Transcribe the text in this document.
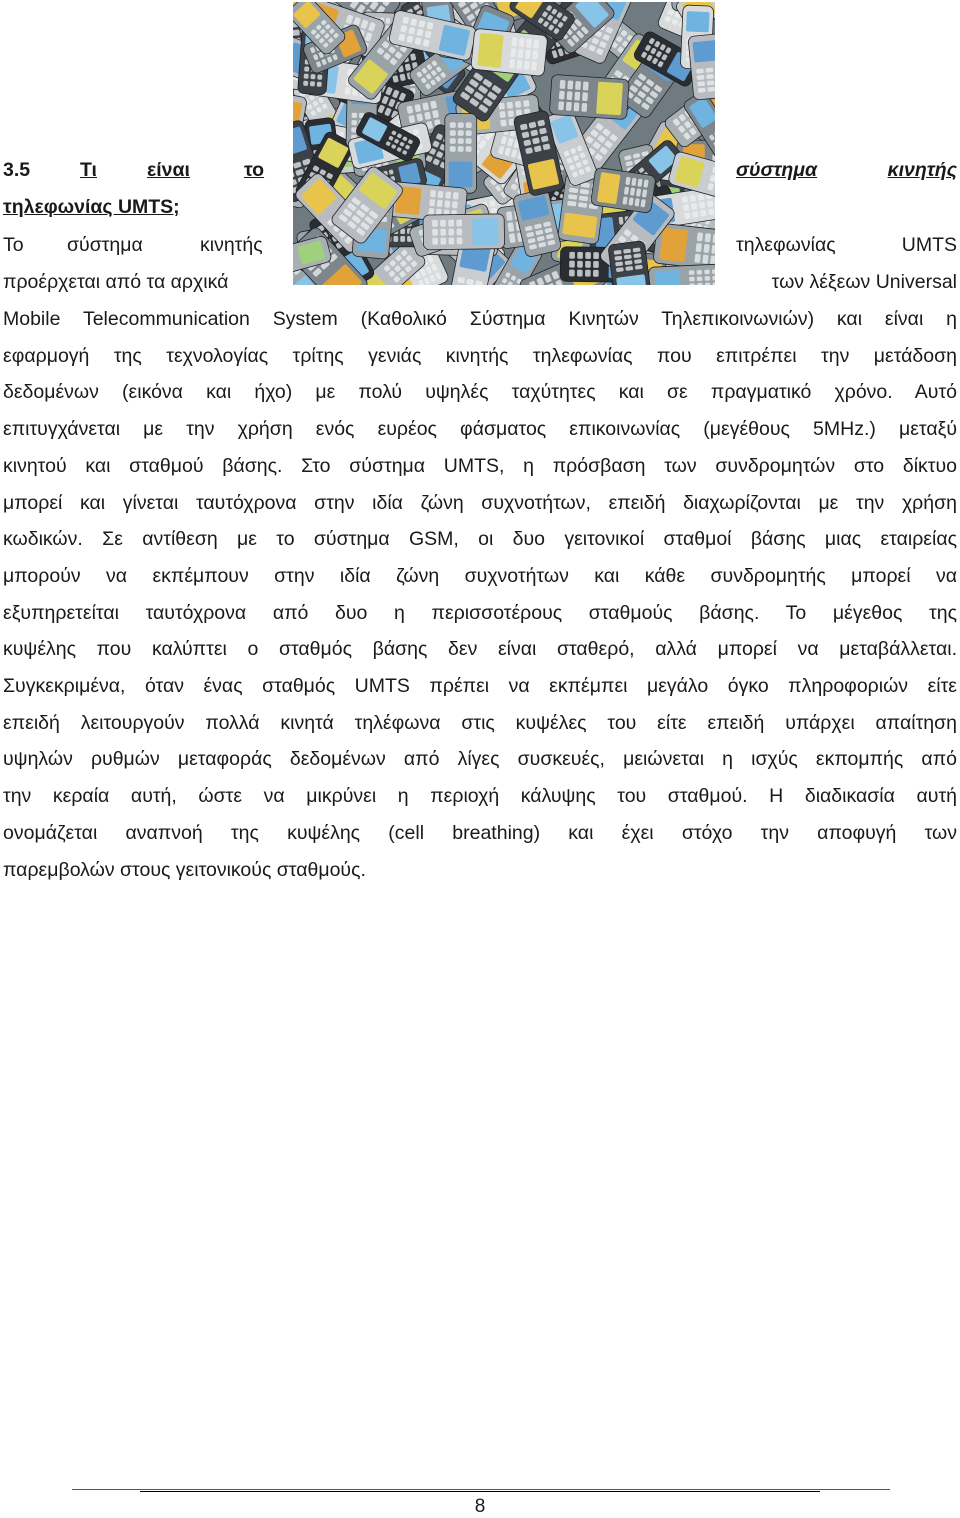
3.5	Τι	είναι	το	σύστημα	κινητής
τηλεφωνίας UMTS;
Το σύστημα	κινητής	τηλεφωνίας	UMTS
προέρχεται από τα αρχικά	των λέξεων Universal
Mobile Telecommunication System (Καθολικό Σύστημα Κινητών Τηλεπικοινωνιών) και είναι η
εφαρμογή της τεχνολογίας τρίτης γενιάς κινητής τηλεφωνίας που επιτρέπει την μετάδοση
δεδομένων (εικόνα και ήχο) με πολύ υψηλές ταχύτητες και σε πραγματικό χρόνο. Αυτό
επιτυγχάνεται με την χρήση ενός ευρέος φάσματος επικοινωνίας (μεγέθους 5MHz.) μεταξύ
κινητού και σταθμού βάσης. Στο σύστημα UMTS, η πρόσβαση των συνδρομητών στο δίκτυο
μπορεί και γίνεται ταυτόχρονα στην ιδία ζώνη συχνοτήτων, επειδή διαχωρίζονται με την χρήση
κωδικών. Σε αντίθεση με το σύστημα GSM, οι δυο γειτονικοί σταθμοί βάσης μιας εταιρείας
μπορούν να εκπέμπουν στην ιδία ζώνη συχνοτήτων και κάθε συνδρομητής μπορεί να
εξυπηρετείται ταυτόχρονα από δυο η περισσοτέρους σταθμούς βάσης. Το μέγεθος της
κυψέλης που καλύπτει ο σταθμός βάσης δεν είναι σταθερό, αλλά μπορεί να μεταβάλλεται.
Συγκεκριμένα, όταν ένας σταθμός UMTS πρέπει να εκπέμπει μεγάλο όγκο πληροφοριών είτε
επειδή λειτουργούν πολλά κινητά τηλέφωνα στις κυψέλες του είτε επειδή υπάρχει απαίτηση
υψηλών ρυθμών μεταφοράς δεδομένων από λίγες συσκευές, μειώνεται η ισχύς εκπομπής από
την κεραία αυτή, ώστε να μικρύνει η περιοχή κάλυψης του σταθμού. Η διαδικασία αυτή
ονομάζεται αναπνοή της κυψέλης (cell breathing) και έχει στόχο την αποφυγή των
παρεμβολών στους γειτονικούς σταθμούς.
8
